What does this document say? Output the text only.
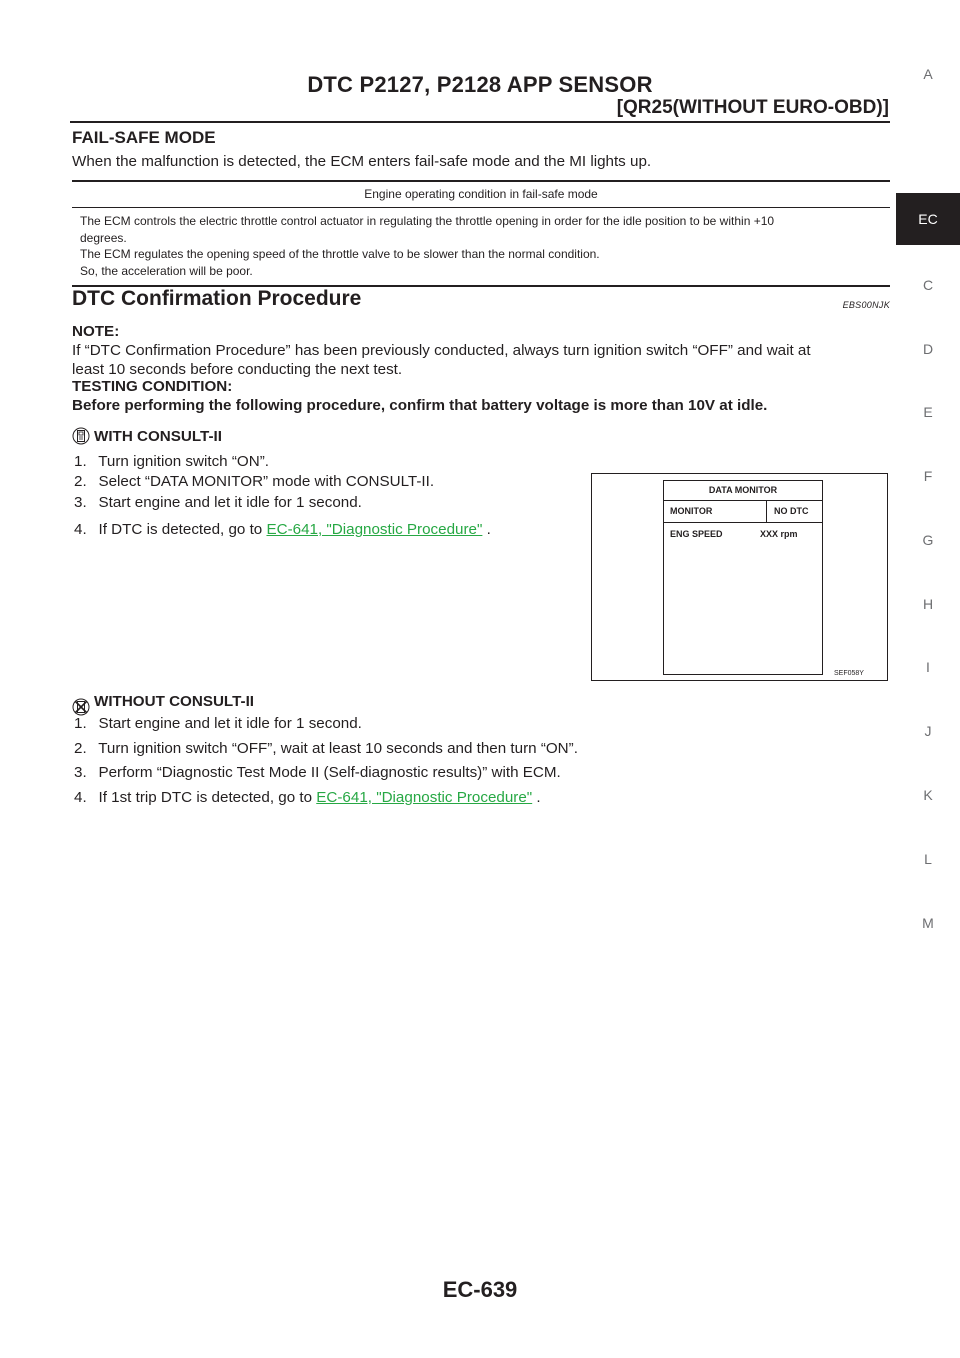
DTC P2127, P2128 APP SENSOR
[QR25(WITHOUT EURO-OBD)]
A
EC
C
D
E
F
G
H
I
J
K
L
M
FAIL-SAFE MODE
When the malfunction is detected, the ECM enters fail-safe mode and the MI lights up.
Engine operating condition in fail-safe mode
The ECM controls the electric throttle control actuator in regulating the throttle opening in order for the idle position to be within +10
degrees.
The ECM regulates the opening speed of the throttle valve to be slower than the normal condition.
So, the acceleration will be poor.
DTC Confirmation Procedure	EBS00NJK
NOTE:
If “DTC Confirmation Procedure” has been previously conducted, always turn ignition switch “OFF” and wait at
least 10 seconds before conducting the next test.
TESTING CONDITION:
Before performing the following procedure, confirm that battery voltage is more than 10V at idle.
WITH CONSULT-II
1.  Turn ignition switch “ON”.
2.  Select “DATA MONITOR” mode with CONSULT-II.
3.  Start engine and let it idle for 1 second.
4.  If DTC is detected, go to EC-641, "Diagnostic Procedure" .
DATA MONITOR
MONITOR	NO DTC
ENG SPEED	XXX rpm
SEF058Y
WITHOUT CONSULT-II
1.  Start engine and let it idle for 1 second.
2.  Turn ignition switch “OFF”, wait at least 10 seconds and then turn “ON”.
3.  Perform “Diagnostic Test Mode II (Self-diagnostic results)” with ECM.
4.  If 1st trip DTC is detected, go to EC-641, "Diagnostic Procedure" .
EC-639
